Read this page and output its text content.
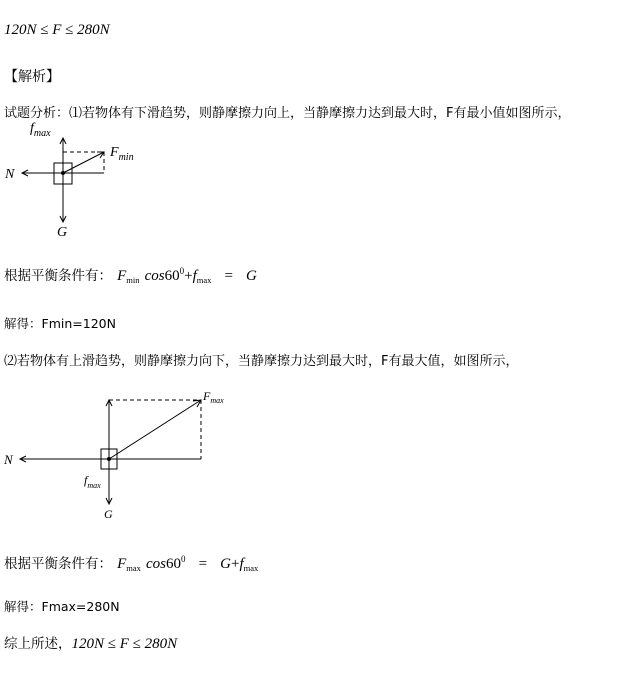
120N ≤ F ≤ 280N
【解析】
试题分析：⑴若物体有下滑趋势，则静摩擦力向上，当静摩擦力达到最大时，F有最小值如图所示，
$f_{max}$
N
$F_{min}$
G
根据平衡条件有： $F_{min}$ $\cos 60^0+f_{max} = G$
解得：Fmin=120N
⑵若物体有上滑趋势，则静摩擦力向下，当静摩擦力达到最大时，F有最大值，如图所示，
$F_{max}$
N
$f_{max}$
G
根据平衡条件有： $F_{max}$ $\cos 60^0 = G+f_{max}$
解得：Fmax=280N
综上所述，120N ≤ F ≤ 280N
